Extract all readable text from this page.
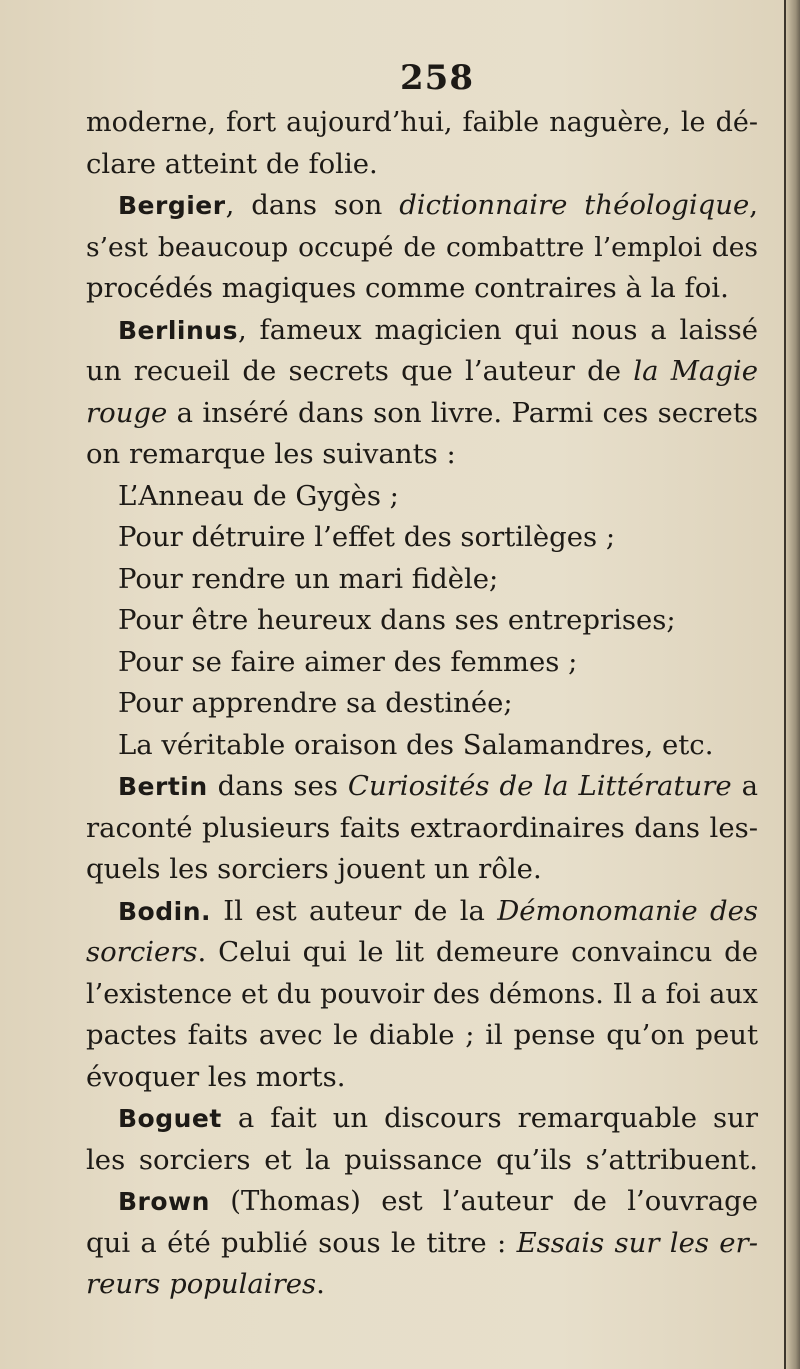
258
moderne, fort aujourd’hui, faible naguère, le dé-
clare atteint de folie.
Bergier, dans son dictionnaire théologique,
s’est beaucoup occupé de combattre l’emploi des
procédés magiques comme contraires à la foi.
Berlinus, fameux magicien qui nous a laissé
un recueil de secrets que l’auteur de la Magie
rouge a inséré dans son livre. Parmi ces secrets
on remarque les suivants :
L’Anneau de Gygès ;
Pour détruire l’effet des sortilèges ;
Pour rendre un mari fidèle;
Pour être heureux dans ses entreprises;
Pour se faire aimer des femmes ;
Pour apprendre sa destinée;
La véritable oraison des Salamandres, etc.
Bertin dans ses Curiosités de la Littérature a
raconté plusieurs faits extraordinaires dans les-
quels les sorciers jouent un rôle.
Bodin. Il est auteur de la Démonomanie des
sorciers. Celui qui le lit demeure convaincu de
l’existence et du pouvoir des démons. Il a foi aux
pactes faits avec le diable ; il pense qu’on peut
évoquer les morts.
Boguet a fait un discours remarquable sur
les sorciers et la puissance qu’ils s’attribuent.
Brown (Thomas) est l’auteur de l’ouvrage
qui a été publié sous le titre : Essais sur les er-
reurs populaires.
